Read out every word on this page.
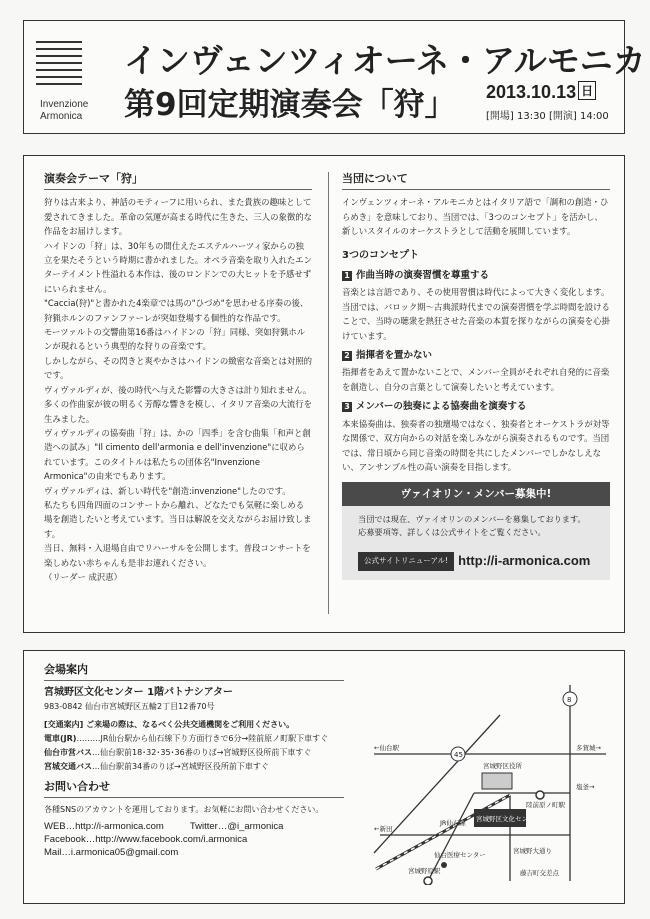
Invenzione
Armonica
インヴェンツィオーネ・アルモニカ
第9回定期演奏会「狩」 2013.10.13 日
[開場] 13:30 [開演] 14:00
演奏会テーマ「狩」

狩りは古来より、神話のモティーフに用いられ、また貴族の趣味として愛されてきました。革命の気運が高まる時代に生きた、三人の象徴的な作品をお届けします。

ハイドンの「狩」は、30年もの間仕えたエステルハーツィ家からの独立を果たそうという時期に書かれました。オペラ音楽を取り入れたエンターテイメント性溢れる本作は、後のロンドンでの大ヒットを予感せずにいられません。

"Caccia(狩)"と書かれた4楽章では馬の"ひづめ"を思わせる序奏の後、狩猟ホルンのファンファーレが突如登場する個性的な作品です。

モーツァルトの交響曲第16番はハイドンの「狩」同様、突如狩猟ホルンが現れるという典型的な狩りの音楽です。

しかしながら、その閃きと爽やかさはハイドンの緻密な音楽とは対照的です。

ヴィヴァルディが、後の時代へ与えた影響の大きさは計り知れません。多くの作曲家が彼の明るく芳醇な響きを模し、イタリア音楽の大流行を生みました。

ヴィヴァルディの協奏曲「狩」は、かの「四季」を含む曲集「和声と創造への試み」"Il cimento dell'armonia e dell'invenzione"に収められています。このタイトルは私たちの団体名"Invenzione Armonica"の由来でもあります。

ヴィヴァルディは、新しい時代を"創造:invenzione"したのです。

私たちも四角四面のコンサートから離れ、どなたでも気軽に楽しめる場を創造したいと考えています。当日は解説を交えながらお届け致します。

当日、無料・入退場自由でリハーサルを公開します。普段コンサートを楽しめない赤ちゃんも是非お連れください。

（リーダー 成沢恵）

当団について

インヴェンツィオーネ・アルモニカとはイタリア語で「調和の創造・ひらめき」を意味しており、当団では、「3つのコンセプト」を活かし、新しいスタイルのオーケストラとして活動を展開しています。

3つのコンセプト
1 作曲当時の演奏習慣を尊重する

音楽とは言語であり、その使用習慣は時代によって大きく変化します。当団では、バロック期～古典派時代までの演奏習慣を学ぶ時間を設けることで、当時の聴衆を熱狂させた音楽の本質を探りながらの演奏を心掛けています。

2 指揮者を置かない

指揮者をあえて置かないことで、メンバー全員がそれぞれ自発的に音楽を創造し、自分の言葉として演奏したいと考えています。

3 メンバーの独奏による協奏曲を演奏する

本来協奏曲は、独奏者の独壇場ではなく、独奏者とオーケストラが対等な関係で、双方向からの対話を楽しみながら演奏されるものです。当団では、常日頃から同じ音楽の時間を共にしたメンバーでしかなしえない、アンサンブル性の高い演奏を目指します。

ヴァイオリン・メンバー募集中!
当団では現在、ヴァイオリンのメンバーを募集しております。
応募要項等、詳しくは公式サイトをご覧ください。
公式サイトリニューアル! http://i-armonica.com
会場案内
宮城野区文化センター 1階パトナシアター
983-0842 仙台市宮城野区五輪2丁目12番70号
[交通案内] ご来場の際は、なるべく公共交通機関をご利用ください。
電車(JR)………JR仙台駅から仙石線下り方面行きで6分→陸前原ノ町駅下車すぐ
仙台市営バス…仙台駅前18･32･35･36番のりば→宮城野区役所前下車すぐ
宮城交通バス…仙台駅前34番のりば→宮城野区役所前下車すぐ
お問い合わせ
各種SNSのアカウントを運用しております。お気軽にお問い合わせください。
WEB…http://i-armonica.com	Twitter…@i_armonica
Facebook…http://www.facebook.com/i.armonica
Mail…i.armonica05@gmail.com
←仙台駅
45
8
宮城野区役所
宮城野区文化センター
陸前原ノ町駅
JR仙石線
←新田
宮城野大通り
多賀城→
塩釜→
藤吉町交差点
仙台医療センター
宮城野原駅
